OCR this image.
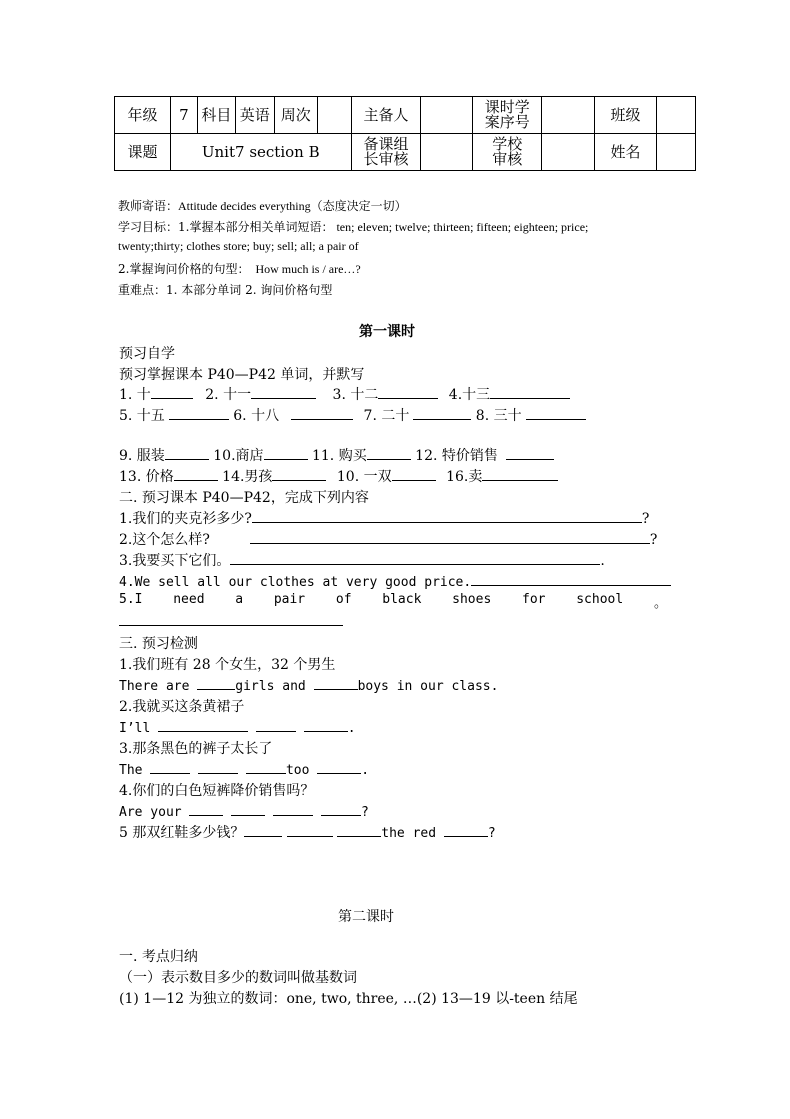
年级	7	科目	英语	周次		主备人		课时学
案序号		班级	
课题	Unit7 section B					备课组
长审核		学校
审核		姓名	
教师寄语：Attitude decides everything（态度决定一切）
学习目标：1.掌握本部分相关单词短语： ten; eleven; twelve; thirteen; fifteen; eighteen; price;
twenty;thirty; clothes store; buy; sell; all; a pair of
2.掌握询问价格的句型： How much is / are…?
重难点：1. 本部分单词 2. 询问价格句型
第一课时
预习自学
预习掌握课本 P40—P42 单词，并默写
1. 十	2. 十一	3. 十二	4.十三
5. 十五	6. 十八	7. 二十	8. 三十
9. 服装	10.商店	11. 购买	12. 特价销售
13. 价格	14.男孩	10. 一双	16.卖
二. 预习课本 P40—P42，完成下列内容
1.我们的夹克衫多少?	?
2.这个怎么样?	?
3.我要买下它们。	.
4.We sell all our clothes at very good price.
5.I need a pair of black shoes for school 。
三. 预习检测
1.我们班有 28 个女生，32 个男生
There are	girls and	boys in our class.
2.我就买这条黄裙子
I’ll	.
3.那条黑色的裤子太长了
The	too	.
4.你们的白色短裤降价销售吗？
Are your	?
5 那双红鞋多少钱？	the red	?
第二课时
一. 考点归纳
（一）表示数目多少的数词叫做基数词
(1) 1—12 为独立的数词：one, two, three, …(2) 13—19 以-teen 结尾
